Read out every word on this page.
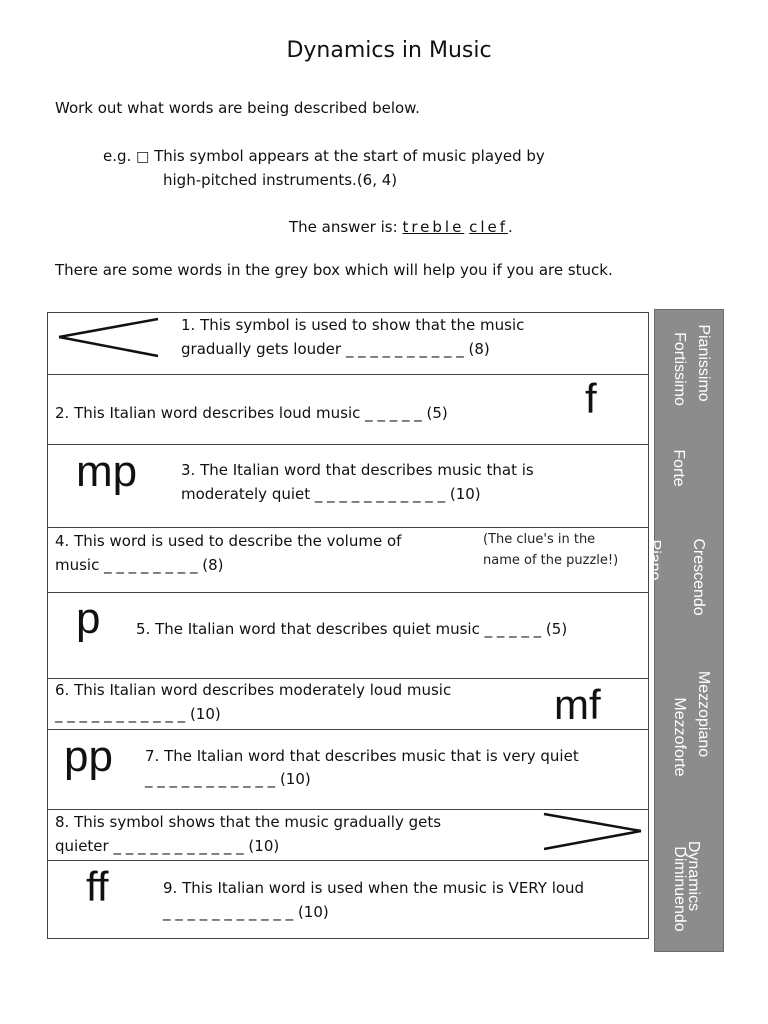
Dynamics in Music
Work out what words are being described below.
e.g. □ This symbol appears at the start of music played by
high-pitched instruments.(6, 4)
The answer is: treble clef.
There are some words in the grey box which will help you if you are stuck.
1. This symbol is used to show that the music
gradually gets louder _ _ _ _ _ _ _ _ _ _ (8)
2. This Italian word describes loud music _ _ _ _ _ (5)	f
mp	3. The Italian word that describes music that is
moderately quiet _ _ _ _ _ _ _ _ _ _ _ (10)
4. This word is used to describe the volume of
music _ _ _ _ _ _ _ _ (8)
(The clue's in the
name of the puzzle!)
p 5. The Italian word that describes quiet music _ _ _ _ _ (5)
6. This Italian word describes moderately loud music
_ _ _ _ _ _ _ _ _ _ _ (10)	mf
pp 7. The Italian word that describes music that is very quiet
_ _ _ _ _ _ _ _ _ _ _ (10)
8. This symbol shows that the music gradually gets
quieter _ _ _ _ _ _ _ _ _ _ _ (10)
ff	9. This Italian word is used when the music is VERY loud
_ _ _ _ _ _ _ _ _ _ _ (10)
Pianissimo
Fortissimo
Forte
Crescendo
Piano
Mezzopiano
Mezzoforte
Dynamics
Diminuendo
